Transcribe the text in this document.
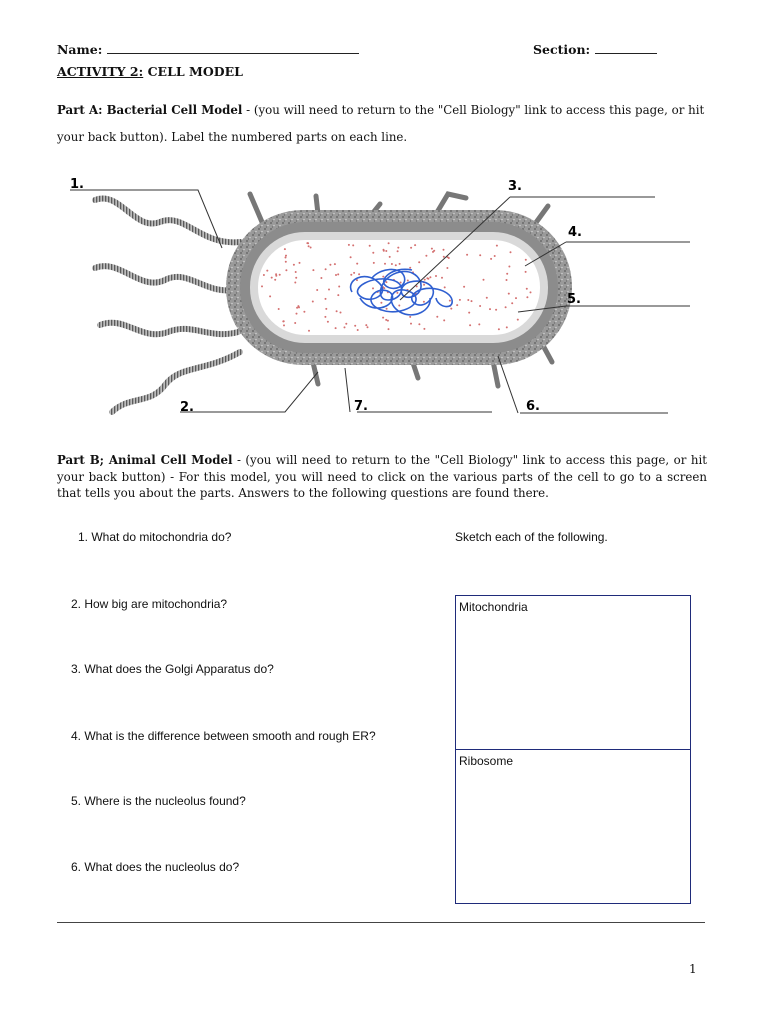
Name:	Section:
ACTIVITY 2: CELL MODEL
Part A: Bacterial Cell Model - (you will need to return to the "Cell Biology" link to access this page, or hit
your back button). Label the numbered parts on each line.
1.
2.
3.
4.
5.
6.
7.
Part B; Animal Cell Model - (you will need to return to the "Cell Biology" link to access this page, or hit your back button) - For this model, you will need to click on the various parts of the cell to go to a screen that tells you about the parts. Answers to the following questions are found there.
1. What do mitochondria do?
2. How big are mitochondria?
3. What does the Golgi Apparatus do?
4. What is the difference between smooth and rough ER?
5. Where is the nucleolus found?
6. What does the nucleolus do?
Sketch each of the following.
Mitochondria
Ribosome
1
